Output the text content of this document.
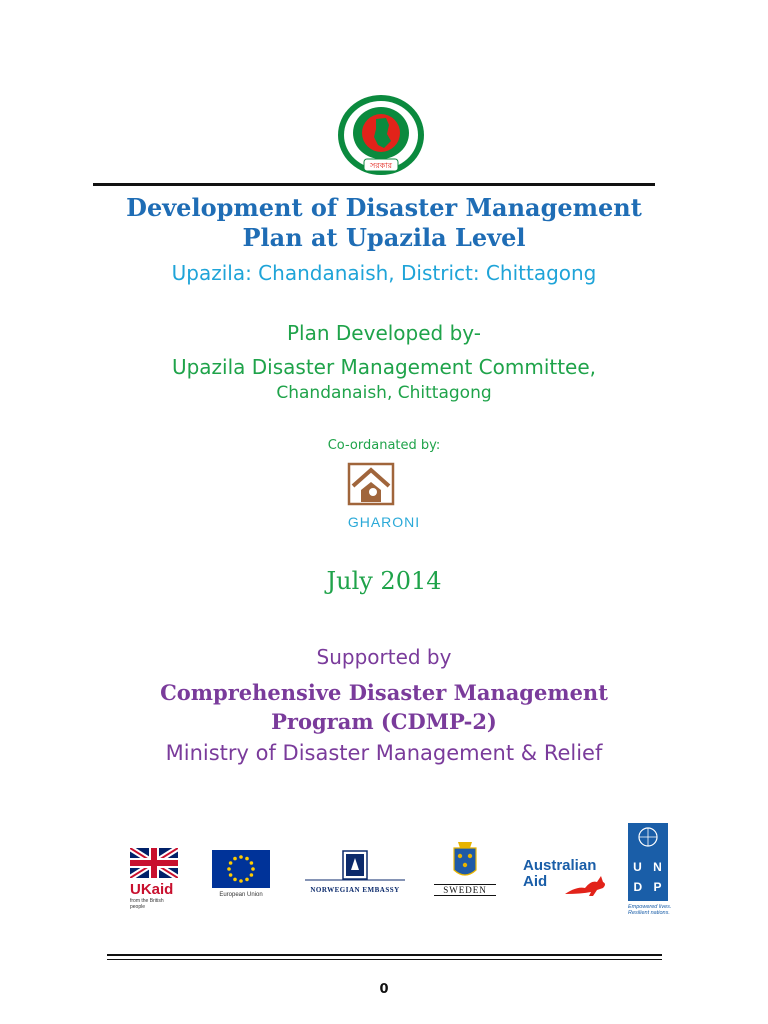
সরকার
Development of Disaster Management
Plan at Upazila Level
Upazila: Chandanaish, District: Chittagong
Plan Developed by-
Upazila Disaster Management Committee,
Chandanaish, Chittagong
Co-ordanated by:
GHARONI
July 2014
Supported by
Comprehensive Disaster Management
Program (CDMP-2)
Ministry of Disaster Management & Relief
UKaid
from the British people
European Union
NORWEGIAN EMBASSY	SWEDEN
Australian
Aid
U N D P
Empowered lives.
Resilient nations.
0
